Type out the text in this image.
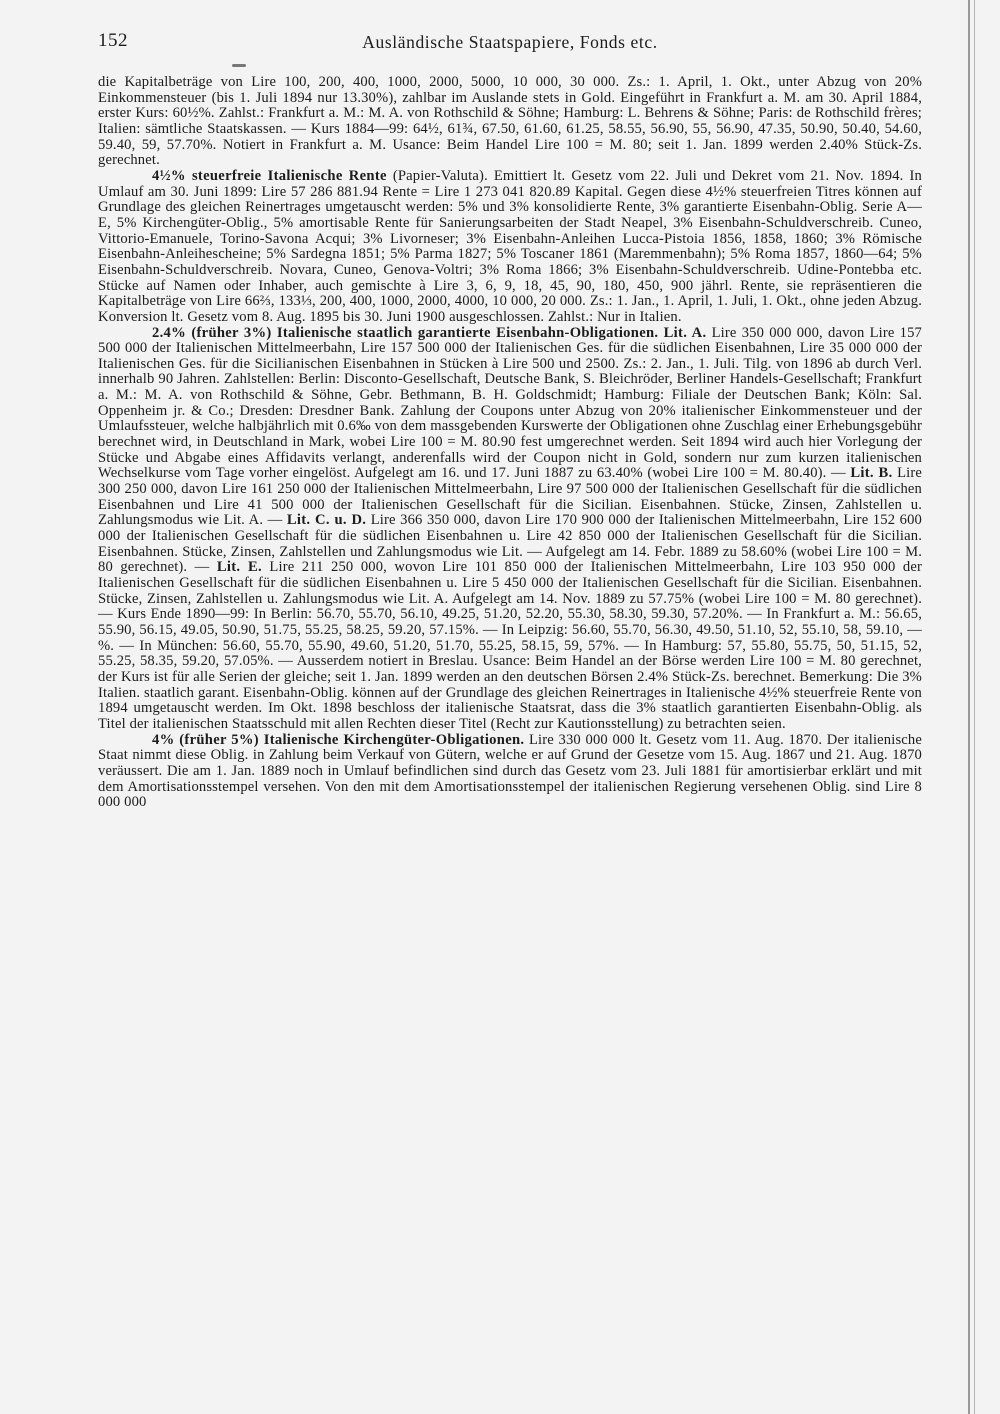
152	Ausländische Staatspapiere, Fonds etc.

die Kapitalbeträge von Lire 100, 200, 400, 1000, 2000, 5000, 10 000, 30 000. Zs.: 1. April, 1. Okt., unter Abzug von 20% Einkommensteuer (bis 1. Juli 1894 nur 13.30%), zahlbar im Auslande stets in Gold. Eingeführt in Frankfurt a. M. am 30. April 1884, erster Kurs: 60½%. Zahlst.: Frankfurt a. M.: M. A. von Rothschild & Söhne; Hamburg: L. Behrens & Söhne; Paris: de Rothschild frères; Italien: sämtliche Staatskassen. — Kurs 1884—99: 64½, 61¾, 67.50, 61.60, 61.25, 58.55, 56.90, 55, 56.90, 47.35, 50.90, 50.40, 54.60, 59.40, 59, 57.70%. Notiert in Frankfurt a. M. Usance: Beim Handel Lire 100 = M. 80; seit 1. Jan. 1899 werden 2.40% Stück-Zs. gerechnet.

4½% steuerfreie Italienische Rente (Papier-Valuta). Emittiert lt. Gesetz vom 22. Juli und Dekret vom 21. Nov. 1894. In Umlauf am 30. Juni 1899: Lire 57 286 881.94 Rente = Lire 1 273 041 820.89 Kapital. Gegen diese 4½% steuerfreien Titres können auf Grundlage des gleichen Reinertrages umgetauscht werden: 5% und 3% konsolidierte Rente, 3% garantierte Eisenbahn-Oblig. Serie A—E, 5% Kirchengüter-Oblig., 5% amortisable Rente für Sanierungsarbeiten der Stadt Neapel, 3% Eisenbahn-Schuldverschreib. Cuneo, Vittorio-Emanuele, Torino-Savona Acqui; 3% Livorneser; 3% Eisenbahn-Anleihen Lucca-Pistoia 1856, 1858, 1860; 3% Römische Eisenbahn-Anleihescheine; 5% Sardegna 1851; 5% Parma 1827; 5% Toscaner 1861 (Maremmenbahn); 5% Roma 1857, 1860—64; 5% Eisenbahn-Schuldverschreib. Novara, Cuneo, Genova-Voltri; 3% Roma 1866; 3% Eisenbahn-Schuldverschreib. Udine-Pontebba etc. Stücke auf Namen oder Inhaber, auch gemischte à Lire 3, 6, 9, 18, 45, 90, 180, 450, 900 jährl. Rente, sie repräsentieren die Kapitalbeträge von Lire 66⅔, 133⅓, 200, 400, 1000, 2000, 4000, 10 000, 20 000. Zs.: 1. Jan., 1. April, 1. Juli, 1. Okt., ohne jeden Abzug. Konversion lt. Gesetz vom 8. Aug. 1895 bis 30. Juni 1900 ausgeschlossen. Zahlst.: Nur in Italien.

2.4% (früher 3%) Italienische staatlich garantierte Eisenbahn-Obligationen. Lit. A. Lire 350 000 000, davon Lire 157 500 000 der Italienischen Mittelmeerbahn, Lire 157 500 000 der Italienischen Ges. für die südlichen Eisenbahnen, Lire 35 000 000 der Italienischen Ges. für die Sicilianischen Eisenbahnen in Stücken à Lire 500 und 2500. Zs.: 2. Jan., 1. Juli. Tilg. von 1896 ab durch Verl. innerhalb 90 Jahren. Zahlstellen: Berlin: Disconto-Gesellschaft, Deutsche Bank, S. Bleichröder, Berliner Handels-Gesellschaft; Frankfurt a. M.: M. A. von Rothschild & Söhne, Gebr. Bethmann, B. H. Goldschmidt; Hamburg: Filiale der Deutschen Bank; Köln: Sal. Oppenheim jr. & Co.; Dresden: Dresdner Bank. Zahlung der Coupons unter Abzug von 20% italienischer Einkommensteuer und der Umlaufssteuer, welche halbjährlich mit 0.6‰ von dem massgebenden Kurswerte der Obligationen ohne Zuschlag einer Erhebungsgebühr berechnet wird, in Deutschland in Mark, wobei Lire 100 = M. 80.90 fest umgerechnet werden. Seit 1894 wird auch hier Vorlegung der Stücke und Abgabe eines Affidavits verlangt, anderenfalls wird der Coupon nicht in Gold, sondern nur zum kurzen italienischen Wechselkurse vom Tage vorher eingelöst. Aufgelegt am 16. und 17. Juni 1887 zu 63.40% (wobei Lire 100 = M. 80.40). — Lit. B. Lire 300 250 000, davon Lire 161 250 000 der Italienischen Mittelmeerbahn, Lire 97 500 000 der Italienischen Gesellschaft für die südlichen Eisenbahnen und Lire 41 500 000 der Italienischen Gesellschaft für die Sicilian. Eisenbahnen. Stücke, Zinsen, Zahlstellen u. Zahlungsmodus wie Lit. A. — Lit. C. u. D. Lire 366 350 000, davon Lire 170 900 000 der Italienischen Mittelmeerbahn, Lire 152 600 000 der Italienischen Gesellschaft für die südlichen Eisenbahnen u. Lire 42 850 000 der Italienischen Gesellschaft für die Sicilian. Eisenbahnen. Stücke, Zinsen, Zahlstellen und Zahlungsmodus wie Lit. — Aufgelegt am 14. Febr. 1889 zu 58.60% (wobei Lire 100 = M. 80 gerechnet). — Lit. E. Lire 211 250 000, wovon Lire 101 850 000 der Italienischen Mittelmeerbahn, Lire 103 950 000 der Italienischen Gesellschaft für die südlichen Eisenbahnen u. Lire 5 450 000 der Italienischen Gesellschaft für die Sicilian. Eisenbahnen. Stücke, Zinsen, Zahlstellen u. Zahlungsmodus wie Lit. A. Aufgelegt am 14. Nov. 1889 zu 57.75% (wobei Lire 100 = M. 80 gerechnet). — Kurs Ende 1890—99: In Berlin: 56.70, 55.70, 56.10, 49.25, 51.20, 52.20, 55.30, 58.30, 59.30, 57.20%. — In Frankfurt a. M.: 56.65, 55.90, 56.15, 49.05, 50.90, 51.75, 55.25, 58.25, 59.20, 57.15%. — In Leipzig: 56.60, 55.70, 56.30, 49.50, 51.10, 52, 55.10, 58, 59.10, —%. — In München: 56.60, 55.70, 55.90, 49.60, 51.20, 51.70, 55.25, 58.15, 59, 57%. — In Hamburg: 57, 55.80, 55.75, 50, 51.15, 52, 55.25, 58.35, 59.20, 57.05%. — Ausserdem notiert in Breslau. Usance: Beim Handel an der Börse werden Lire 100 = M. 80 gerechnet, der Kurs ist für alle Serien der gleiche; seit 1. Jan. 1899 werden an den deutschen Börsen 2.4% Stück-Zs. berechnet. Bemerkung: Die 3% Italien. staatlich garant. Eisenbahn-Oblig. können auf der Grundlage des gleichen Reinertrages in Italienische 4½% steuerfreie Rente von 1894 umgetauscht werden. Im Okt. 1898 beschloss der italienische Staatsrat, dass die 3% staatlich garantierten Eisenbahn-Oblig. als Titel der italienischen Staatsschuld mit allen Rechten dieser Titel (Recht zur Kautionsstellung) zu betrachten seien.

4% (früher 5%) Italienische Kirchengüter-Obligationen. Lire 330 000 000 lt. Gesetz vom 11. Aug. 1870. Der italienische Staat nimmt diese Oblig. in Zahlung beim Verkauf von Gütern, welche er auf Grund der Gesetze vom 15. Aug. 1867 und 21. Aug. 1870 veräussert. Die am 1. Jan. 1889 noch in Umlauf befindlichen sind durch das Gesetz vom 23. Juli 1881 für amortisierbar erklärt und mit dem Amortisationsstempel versehen. Von den mit dem Amortisationsstempel der italienischen Regierung versehenen Oblig. sind Lire 8 000 000
